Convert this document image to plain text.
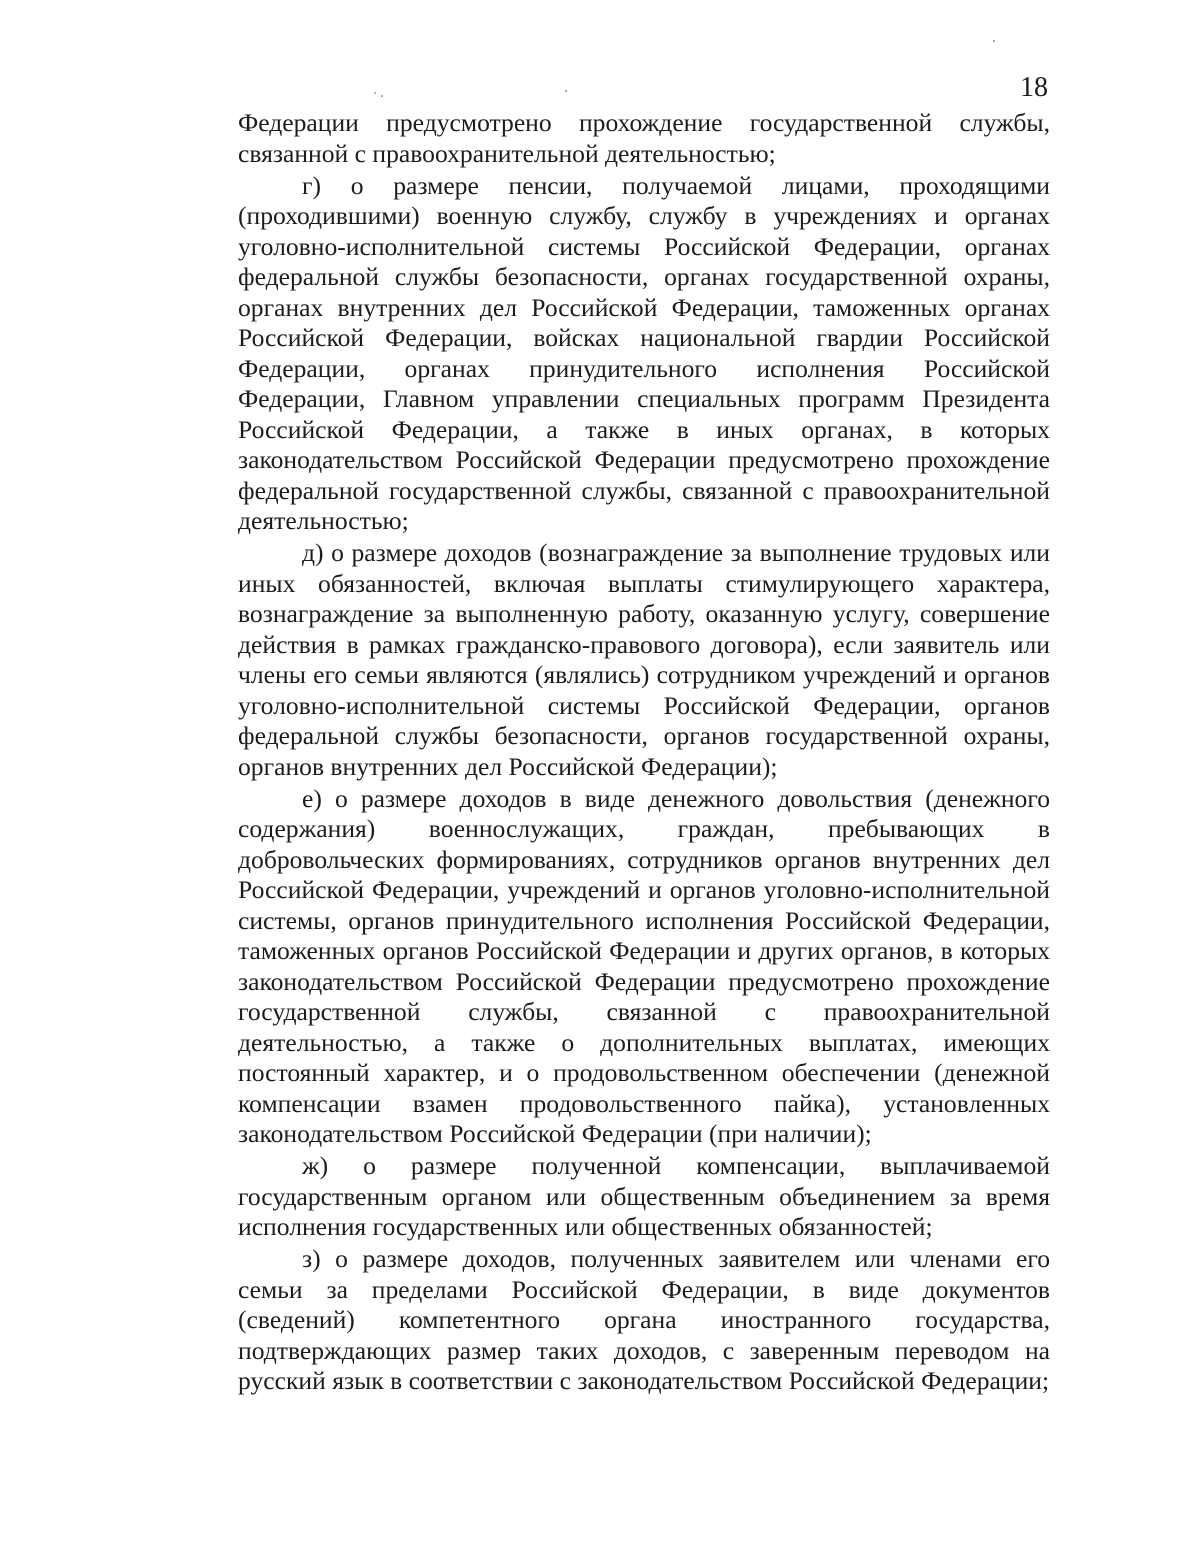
18

Федерации предусмотрено прохождение государственной службы, связанной с правоохранительной деятельностью;

г) о размере пенсии, получаемой лицами, проходящими (проходившими) военную службу, службу в учреждениях и органах уголовно-исполнительной системы Российской Федерации, органах федеральной службы безопасности, органах государственной охраны, органах внутренних дел Российской Федерации, таможенных органах Российской Федерации, войсках национальной гвардии Российской Федерации, органах принудительного исполнения Российской Федерации, Главном управлении специальных программ Президента Российской Федерации, а также в иных органах, в которых законодательством Российской Федерации предусмотрено прохождение федеральной государственной службы, связанной с правоохранительной деятельностью;

д) о размере доходов (вознаграждение за выполнение трудовых или иных обязанностей, включая выплаты стимулирующего характера, вознаграждение за выполненную работу, оказанную услугу, совершение действия в рамках гражданско-правового договора), если заявитель или члены его семьи являются (являлись) сотрудником учреждений и органов уголовно-исполнительной системы Российской Федерации, органов федеральной службы безопасности, органов государственной охраны, органов внутренних дел Российской Федерации);

е) о размере доходов в виде денежного довольствия (денежного содержания) военнослужащих, граждан, пребывающих в добровольческих формированиях, сотрудников органов внутренних дел Российской Федерации, учреждений и органов уголовно-исполнительной системы, органов принудительного исполнения Российской Федерации, таможенных органов Российской Федерации и других органов, в которых законодательством Российской Федерации предусмотрено прохождение государственной службы, связанной с правоохранительной деятельностью, а также о дополнительных выплатах, имеющих постоянный характер, и о продовольственном обеспечении (денежной компенсации взамен продовольственного пайка), установленных законодательством Российской Федерации (при наличии);

ж) о размере полученной компенсации, выплачиваемой государственным органом или общественным объединением за время исполнения государственных или общественных обязанностей;

з) о размере доходов, полученных заявителем или членами его семьи за пределами Российской Федерации, в виде документов (сведений) компетентного органа иностранного государства, подтверждающих размер таких доходов, с заверенным переводом на русский язык в соответствии с законодательством Российской Федерации;
